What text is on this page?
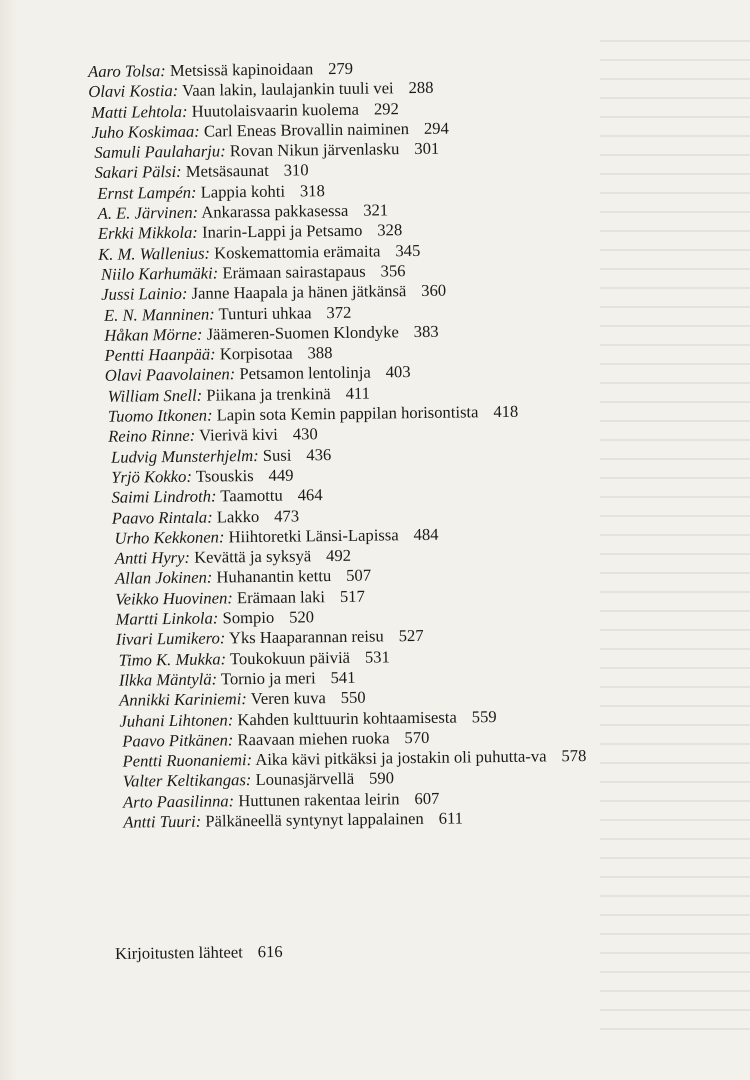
Aaro Tolsa: Metsissä kapinoidaan 279
Olavi Kostia: Vaan lakin, laulajankin tuuli vei 288
Matti Lehtola: Huutolaisvaarin kuolema 292
Juho Koskimaa: Carl Eneas Brovallin naiminen 294
Samuli Paulaharju: Rovan Nikun järvenlasku 301
Sakari Pälsi: Metsäsaunat 310
Ernst Lampén: Lappia kohti 318
A. E. Järvinen: Ankarassa pakkasessa 321
Erkki Mikkola: Inarin-Lappi ja Petsamo 328
K. M. Wallenius: Koskemattomia erämaita 345
Niilo Karhumäki: Erämaan sairastapaus 356
Jussi Lainio: Janne Haapala ja hänen jätkänsä 360
E. N. Manninen: Tunturi uhkaa 372
Håkan Mörne: Jäämeren-Suomen Klondyke 383
Pentti Haanpää: Korpisotaa 388
Olavi Paavolainen: Petsamon lentolinja 403
William Snell: Piikana ja trenkinä 411
Tuomo Itkonen: Lapin sota Kemin pappilan horisontista 418
Reino Rinne: Vierivä kivi 430
Ludvig Munsterhjelm: Susi 436
Yrjö Kokko: Tsouskis 449
Saimi Lindroth: Taamottu 464
Paavo Rintala: Lakko 473
Urho Kekkonen: Hiihtoretki Länsi-Lapissa 484
Antti Hyry: Kevättä ja syksyä 492
Allan Jokinen: Huhanantin kettu 507
Veikko Huovinen: Erämaan laki 517
Martti Linkola: Sompio 520
Iivari Lumikero: Yks Haaparannan reisu 527
Timo K. Mukka: Toukokuun päiviä 531
Ilkka Mäntylä: Tornio ja meri 541
Annikki Kariniemi: Veren kuva 550
Juhani Lihtonen: Kahden kulttuurin kohtaamisesta 559
Paavo Pitkänen: Raavaan miehen ruoka 570
Pentti Ruonaniemi: Aika kävi pitkäksi ja jostakin oli puhutta-va 578
Valter Keltikangas: Lounasjärvellä 590
Arto Paasilinna: Huttunen rakentaa leirin 607
Antti Tuuri: Pälkäneellä syntynyt lappalainen 611
Kirjoitusten lähteet 616
